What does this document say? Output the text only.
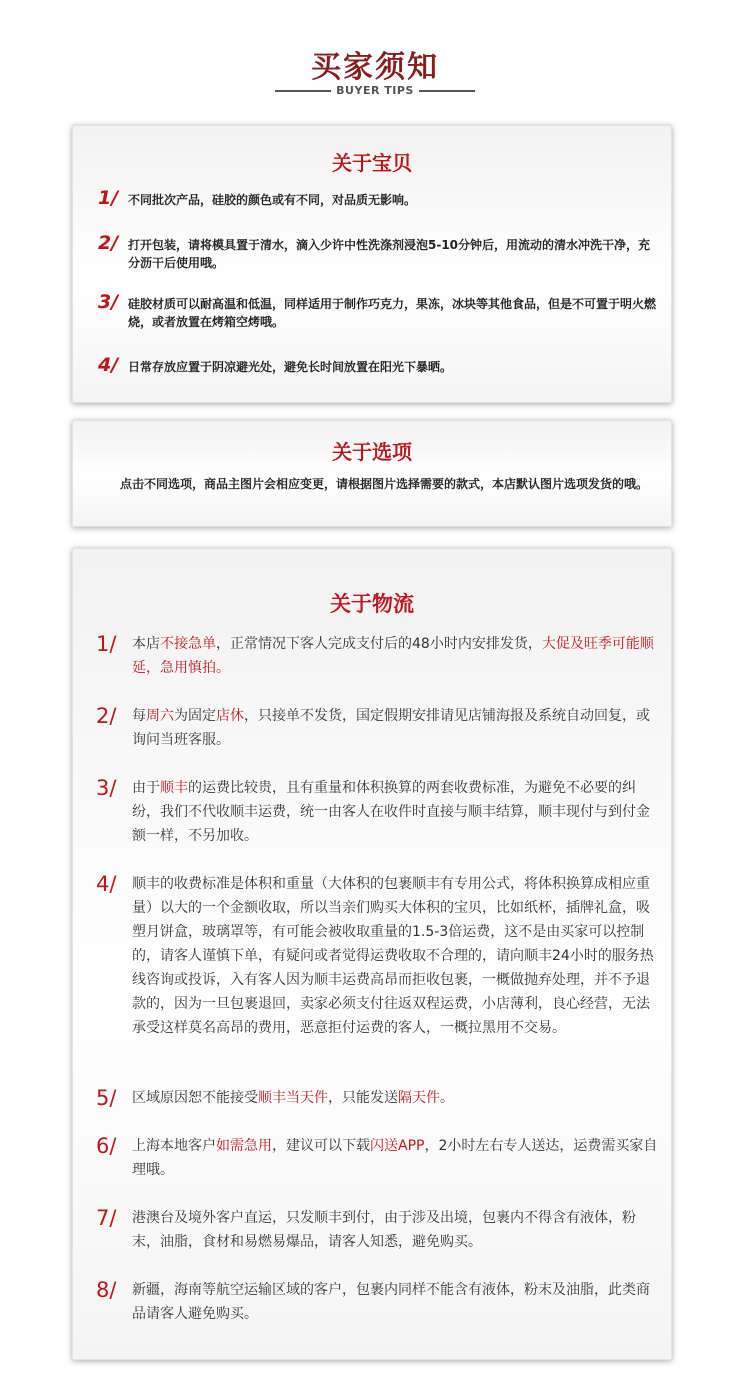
买家须知
BUYER TIPS
关于宝贝
1/ 不同批次产品，硅胶的颜色或有不同，对品质无影响。
2/ 打开包装，请将模具置于清水，滴入少许中性洗涤剂浸泡5-10分钟后，用流动的清水冲洗干净，充分沥干后使用哦。
3/ 硅胶材质可以耐高温和低温，同样适用于制作巧克力，果冻，冰块等其他食品，但是不可置于明火燃烧，或者放置在烤箱空烤哦。
4/ 日常存放应置于阴凉避光处，避免长时间放置在阳光下暴晒。
关于选项
点击不同选项，商品主图片会相应变更，请根据图片选择需要的款式，本店默认图片选项发货的哦。
关于物流
1/ 本店不接急单，正常情况下客人完成支付后的48小时内安排发货，大促及旺季可能顺延，急用慎拍。
2/ 每周六为固定店休，只接单不发货，国定假期安排请见店铺海报及系统自动回复，或询问当班客服。
3/ 由于顺丰的运费比较贵，且有重量和体积换算的两套收费标准，为避免不必要的纠纷，我们不代收顺丰运费，统一由客人在收件时直接与顺丰结算，顺丰现付与到付金额一样，不另加收。
4/ 顺丰的收费标准是体积和重量（大体积的包裹顺丰有专用公式，将体积换算成相应重量）以大的一个金额收取，所以当亲们购买大体积的宝贝，比如纸杯，插牌礼盒，吸塑月饼盒，玻璃罩等，有可能会被收取重量的1.5-3倍运费，这不是由买家可以控制的，请客人谨慎下单，有疑问或者觉得运费收取不合理的，请向顺丰24小时的服务热线咨询或投诉，入有客人因为顺丰运费高昂而拒收包裹，一概做抛弃处理，并不予退款的，因为一旦包裹退回，卖家必须支付往返双程运费，小店薄利，良心经营，无法承受这样莫名高昂的费用，恶意拒付运费的客人，一概拉黑用不交易。
5/ 区域原因恕不能接受顺丰当天件，只能发送隔天件。
6/ 上海本地客户如需急用，建议可以下载闪送APP，2小时左右专人送达，运费需买家自理哦。
7/ 港澳台及境外客户直运，只发顺丰到付，由于涉及出境，包裹内不得含有液体，粉末，油脂，食材和易燃易爆品，请客人知悉，避免购买。
8/ 新疆，海南等航空运输区域的客户，包裹内同样不能含有液体，粉末及油脂，此类商品请客人避免购买。
